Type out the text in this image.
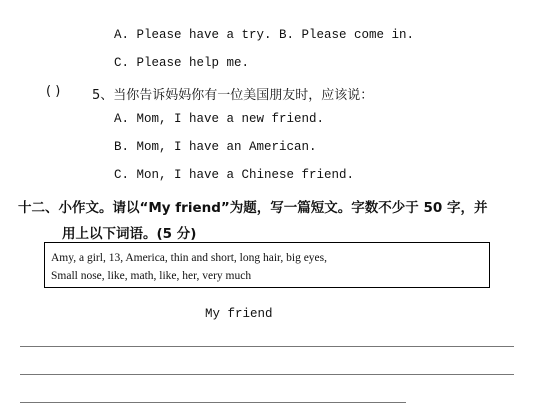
A. Please have a try. B. Please come in.
C. Please help me.
( ) 5、当你告诉妈妈你有一位美国朋友时，应该说：
A. Mom, I have a new friend.
B. Mom, I have an American.
C. Mon, I have a Chinese friend.
十二、小作文。请以“My friend”为题，写一篇短文。字数不少于 50 字，并
用上以下词语。(5 分)
Amy, a girl, 13, America, thin and short, long hair, big eyes,
Small nose, like, math, like, her, very much
My friend
